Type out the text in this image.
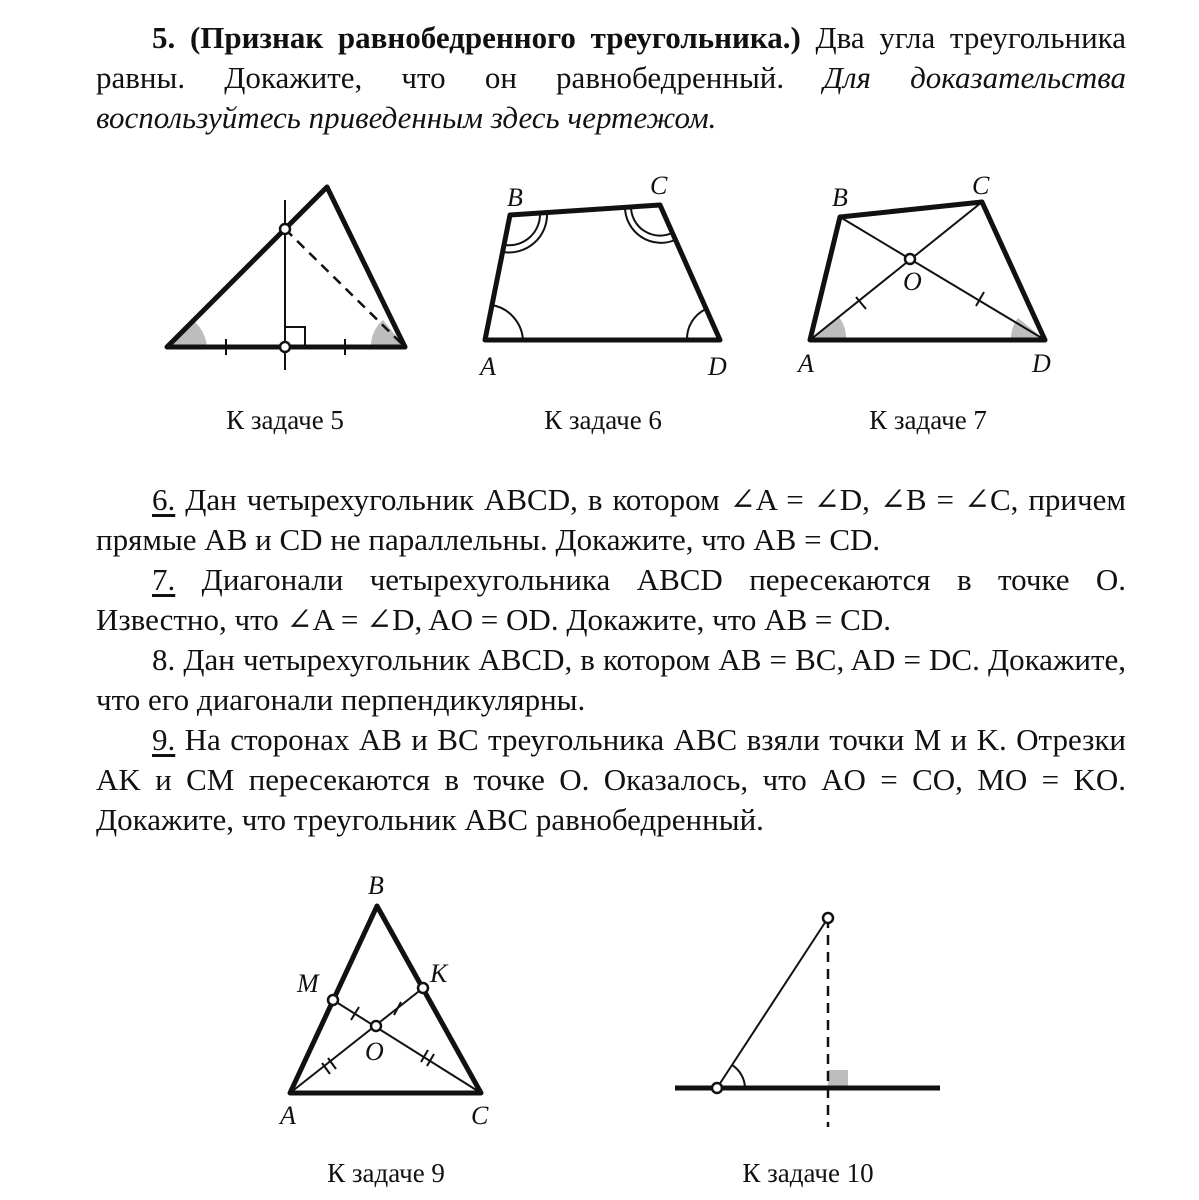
5. (Признак равнобедренного треугольника.) Два угла треугольника равны. Докажите, что он равнобедренный. Для доказательства воспользуйтесь приведенным здесь чертежом.
К задаче 5
A
B	C
D
К задаче 6
A
B	C
D
O
К задаче 7
6. Дан четырехугольник ABCD, в котором ∠A = ∠D, ∠B = ∠C, причем прямые AB и CD не параллельны. Докажите, что AB = CD.
7. Диагонали четырехугольника ABCD пересекаются в точке O. Известно, что ∠A = ∠D, AO = OD. Докажите, что AB = CD.
8. Дан четырехугольник ABCD, в котором AB = BC, AD = DC. Докажите, что его диагонали перпендикулярны.
9. На сторонах AB и BC треугольника ABC взяли точки M и K. Отрезки AK и CM пересекаются в точке O. Оказалось, что AO = CO, MO = KO. Докажите, что треугольник ABC равнобедренный.
A
B
C
M	K
O
К задаче 9	К задаче 10
